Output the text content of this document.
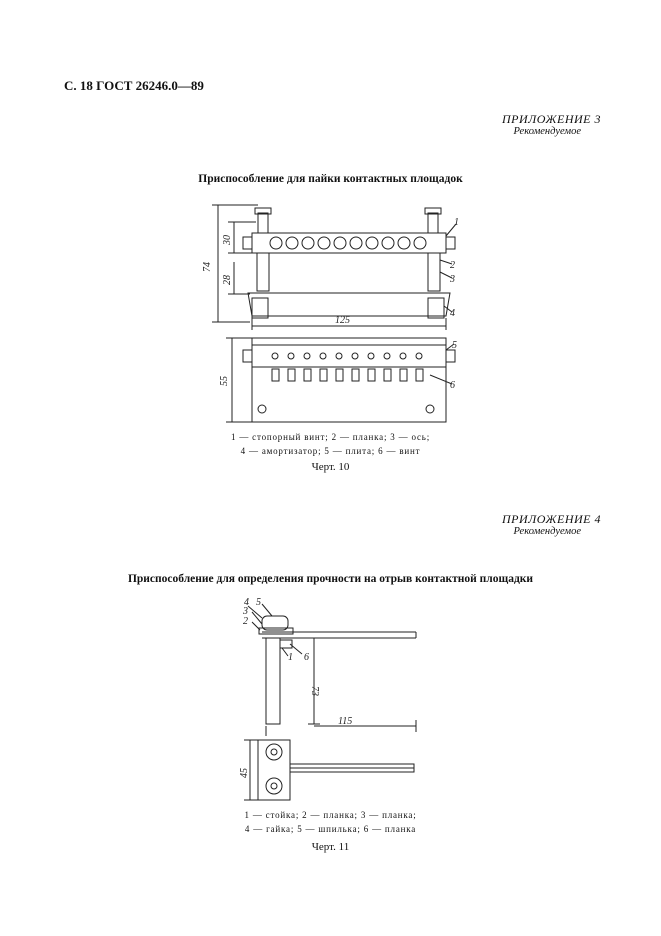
С. 18 ГОСТ 26246.0—89
ПРИЛОЖЕНИЕ 3
Рекомендуемое
Приспособление для пайки контактных площадок
74
30
28
125
55
1
2
3
4
5
6
4 5
3
2
1 6
73
115
45
1 — стопорный винт; 2 — планка; 3 — ось;
4 — амортизатор; 5 — плита; 6 — винт
Черт. 10
ПРИЛОЖЕНИЕ 4
Рекомендуемое
Приспособление для определения прочности на отрыв контактной площадки
1 — стойка; 2 — планка; 3 — планка;
4 — гайка; 5 — шпилька; 6 — планка
Черт. 11
